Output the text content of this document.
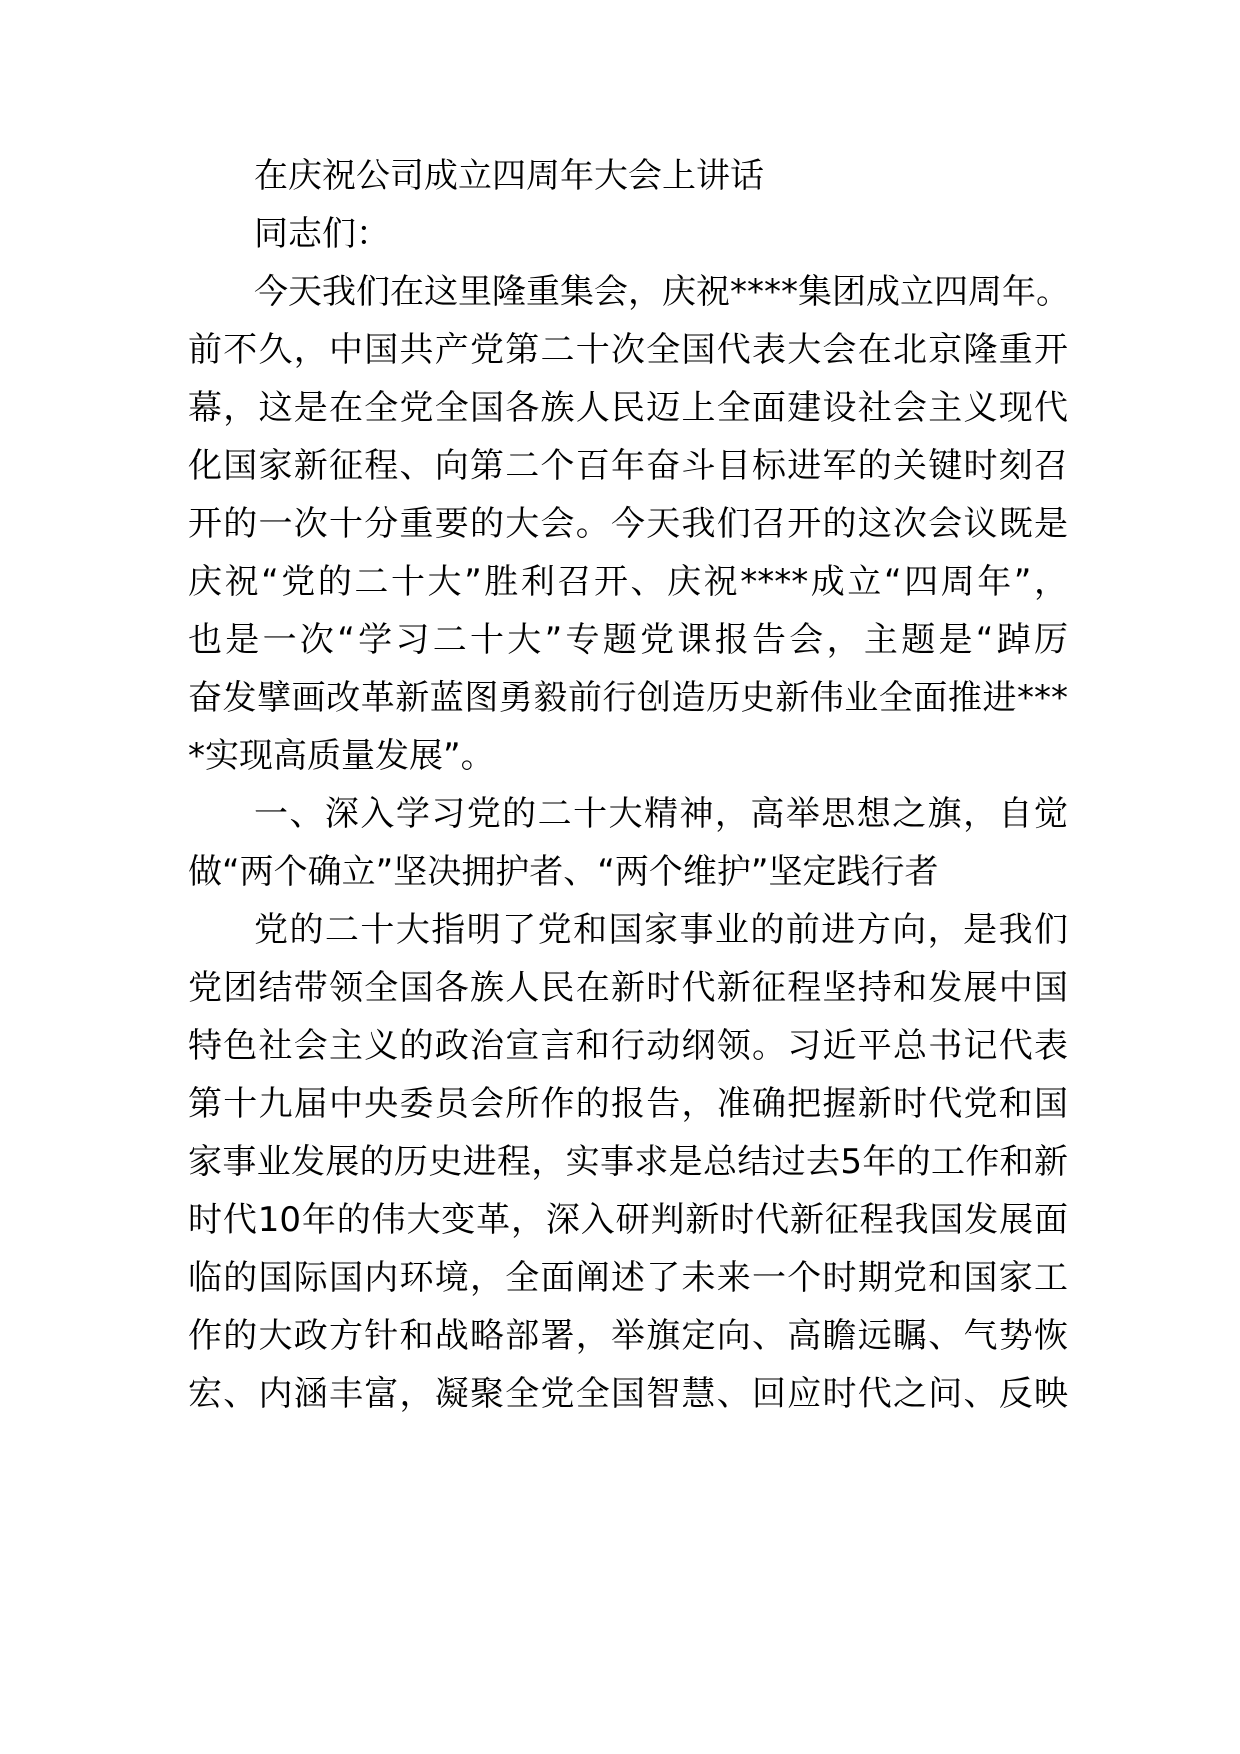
在庆祝公司成立四周年大会上讲话

同志们：

今天我们在这里隆重集会，庆祝****集团成立四周年。

前不久，中国共产党第二十次全国代表大会在北京隆重开

幕，这是在全党全国各族人民迈上全面建设社会主义现代

化国家新征程、向第二个百年奋斗目标进军的关键时刻召

开的一次十分重要的大会。今天我们召开的这次会议既是

庆祝“党的二十大”胜利召开、庆祝****成立“四周年”，

也是一次“学习二十大”专题党课报告会，主题是“踔厉

奋发擘画改革新蓝图勇毅前行创造历史新伟业全面推进***

*实现高质量发展”。

一、深入学习党的二十大精神，高举思想之旗，自觉

做“两个确立”坚决拥护者、“两个维护”坚定践行者

党的二十大指明了党和国家事业的前进方向，是我们

党团结带领全国各族人民在新时代新征程坚持和发展中国

特色社会主义的政治宣言和行动纲领。习近平总书记代表

第十九届中央委员会所作的报告，准确把握新时代党和国

家事业发展的历史进程，实事求是总结过去5年的工作和新

时代10年的伟大变革，深入研判新时代新征程我国发展面

临的国际国内环境，全面阐述了未来一个时期党和国家工

作的大政方针和战略部署，举旗定向、高瞻远瞩、气势恢

宏、内涵丰富，凝聚全党全国智慧、回应时代之问、反映
